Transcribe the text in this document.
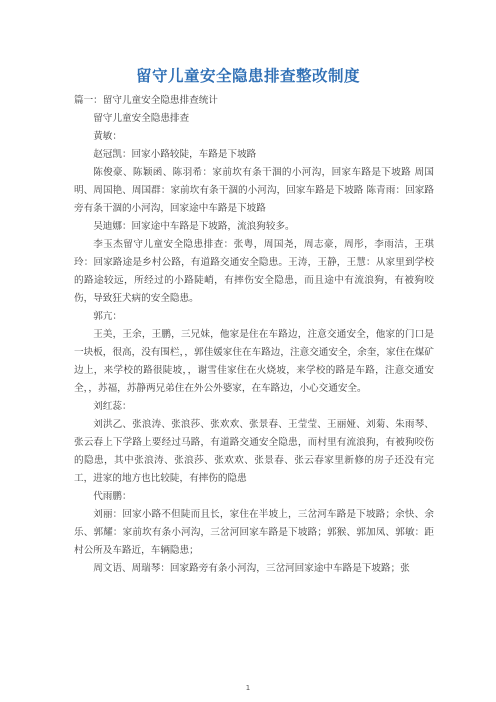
留守儿童安全隐患排查整改制度

篇一：留守儿童安全隐患排查统计

留守儿童安全隐患排查

黄敏：

赵冠凯：回家小路较陡，车路是下坡路

陈俊豪、陈颖函、陈羽希：家前坎有条干涸的小河沟，回家车路是下坡路 周国明、周国艳、周国群：家前坎有条干涸的小河沟，回家车路是下坡路 陈青雨：回家路旁有条干涸的小河沟，回家途中车路是下坡路

吴迪娜：回家途中车路是下坡路，流浪狗较多。

李玉杰留守儿童安全隐患排查：张粤，周国尧，周志豪，周彤，李雨洁，王琪玲：回家路途是乡村公路，有道路交通安全隐患。王涛，王静，王慧：从家里到学校的路途较远，所经过的小路陡峭，有摔伤安全隐患，而且途中有流浪狗，有被狗咬伤，导致狂犬病的安全隐患。

郭亢：

王美，王余，王鹏，三兄妹，他家是住在车路边，注意交通安全，他家的门口是一块板，很高，没有围栏，，郭佳媛家住在车路边，注意交通安全，余奎，家住在煤矿边上，来学校的路很陡坡，，谢雪佳家住在火烧坡，来学校的路是车路，注意交通安全，，苏福，苏静两兄弟住在外公外婆家，在车路边，小心交通安全。

刘红蕊：

刘洪乙、张浪涛、张浪莎、张欢欢、张景春、王莹莹、王丽娅、刘菊、朱雨琴、张云春上下学路上要经过马路，有道路交通安全隐患，而村里有流浪狗，有被狗咬伤的隐患，其中张浪涛、张浪莎、张欢欢、张景春、张云春家里新修的房子还没有完工，进家的地方也比较陡，有摔伤的隐患

代雨鹏：

刘丽：回家小路不但陡而且长，家住在半坡上，三岔河车路是下坡路；余快、余乐、郭耀：家前坎有条小河沟，三岔河回家车路是下坡路；郭猴、郭加凤、郭敏：距村公所及车路近，车辆隐患；

周文语、周瑞琴：回家路旁有条小河沟，三岔河回家途中车路是下坡路；张

1
